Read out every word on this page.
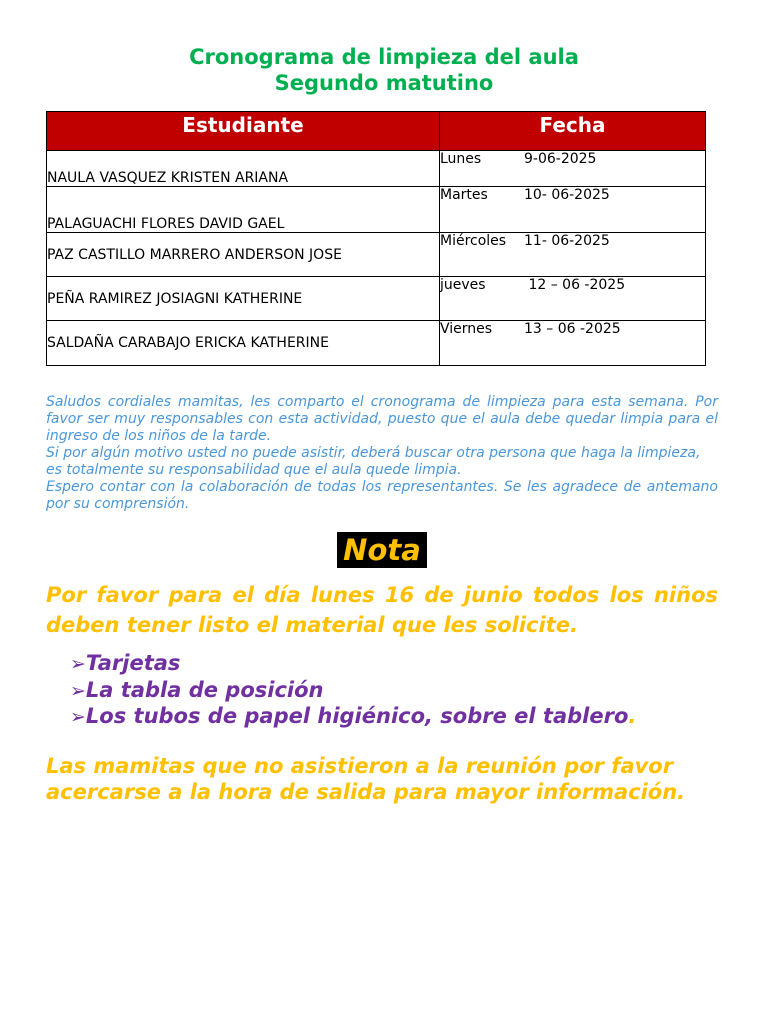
Cronograma de limpieza del aula
Segundo matutino
Estudiante	Fecha

NAULA VASQUEZ KRISTEN ARIANA	Lunes 9-06-2025

PALAGUACHI FLORES DAVID GAEL	Martes 10- 06-2025

PAZ CASTILLO MARRERO ANDERSON JOSE	Miércoles 11- 06-2025

PEÑA RAMIREZ JOSIAGNI KATHERINE	jueves 12 – 06 -2025

SALDAÑA CARABAJO ERICKA KATHERINE	Viernes 13 – 06 -2025

Saludos cordiales mamitas, les comparto el cronograma de limpieza para esta semana. Por favor ser muy responsables con esta actividad, puesto que el aula debe quedar limpia para el ingreso de los niños de la tarde.

Si por algún motivo usted no puede asistir, deberá buscar otra persona que haga la limpieza,

es totalmente su responsabilidad que el aula quede limpia.

Espero contar con la colaboración de todas los representantes. Se les agradece de antemano por su comprensión.

Nota
Por favor para el día lunes 16 de junio todos los niños deben tener listo el material que les solicite.
➢Tarjetas
➢La tabla de posición
➢Los tubos de papel higiénico, sobre el tablero.
Las mamitas que no asistieron a la reunión por favor acercarse a la hora de salida para mayor información.
